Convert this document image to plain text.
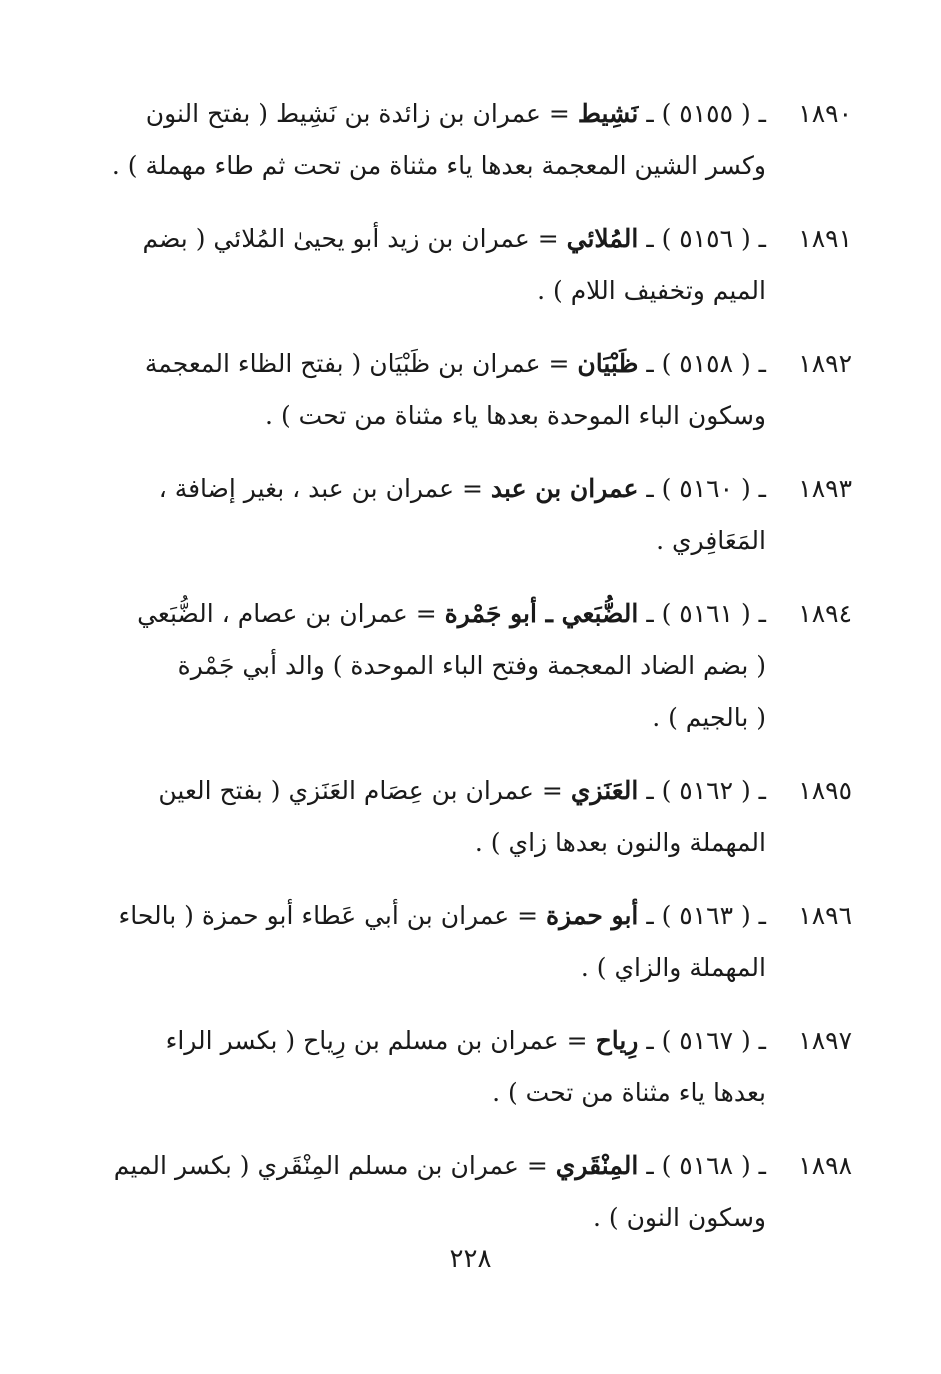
١٨٩٠
ـ ( ٥١٥٥ ) ـ نَشِيط = عمران بن زائدة بن نَشِيط ( بفتح النون
وكسر الشين المعجمة بعدها ياء مثناة من تحت ثم طاء مهملة ) .
١٨٩١
ـ ( ٥١٥٦ ) ـ المُلائي = عمران بن زيد أبو يحيىٰ المُلائي ( بضم
الميم وتخفيف اللام ) .
١٨٩٢
ـ ( ٥١٥٨ ) ـ ظَبْيَان = عمران بن ظَبْيَان ( بفتح الظاء المعجمة
وسكون الباء الموحدة بعدها ياء مثناة من تحت ) .
١٨٩٣
ـ ( ٥١٦٠ ) ـ عمران بن عبد = عمران بن عبد ، بغير إضافة ،
المَعَافِري .
١٨٩٤
ـ ( ٥١٦١ ) ـ الضُّبَعي ـ أبو جَمْرة = عمران بن عصام ، الضُّبَعي
( بضم الضاد المعجمة وفتح الباء الموحدة ) والد أبي جَمْرة
( بالجيم ) .
١٨٩٥
ـ ( ٥١٦٢ ) ـ العَنَزي = عمران بن عِصَام العَنَزي ( بفتح العين
المهملة والنون بعدها زاي ) .
١٨٩٦
ـ ( ٥١٦٣ ) ـ أبو حمزة = عمران بن أبي عَطاء أبو حمزة ( بالحاء
المهملة والزاي ) .
١٨٩٧
ـ ( ٥١٦٧ ) ـ رِياح = عمران بن مسلم بن رِياح ( بكسر الراء
بعدها ياء مثناة من تحت ) .
١٨٩٨
ـ ( ٥١٦٨ ) ـ المِنْقَري = عمران بن مسلم المِنْقَري ( بكسر الميم
وسكون النون ) .
٢٢٨
